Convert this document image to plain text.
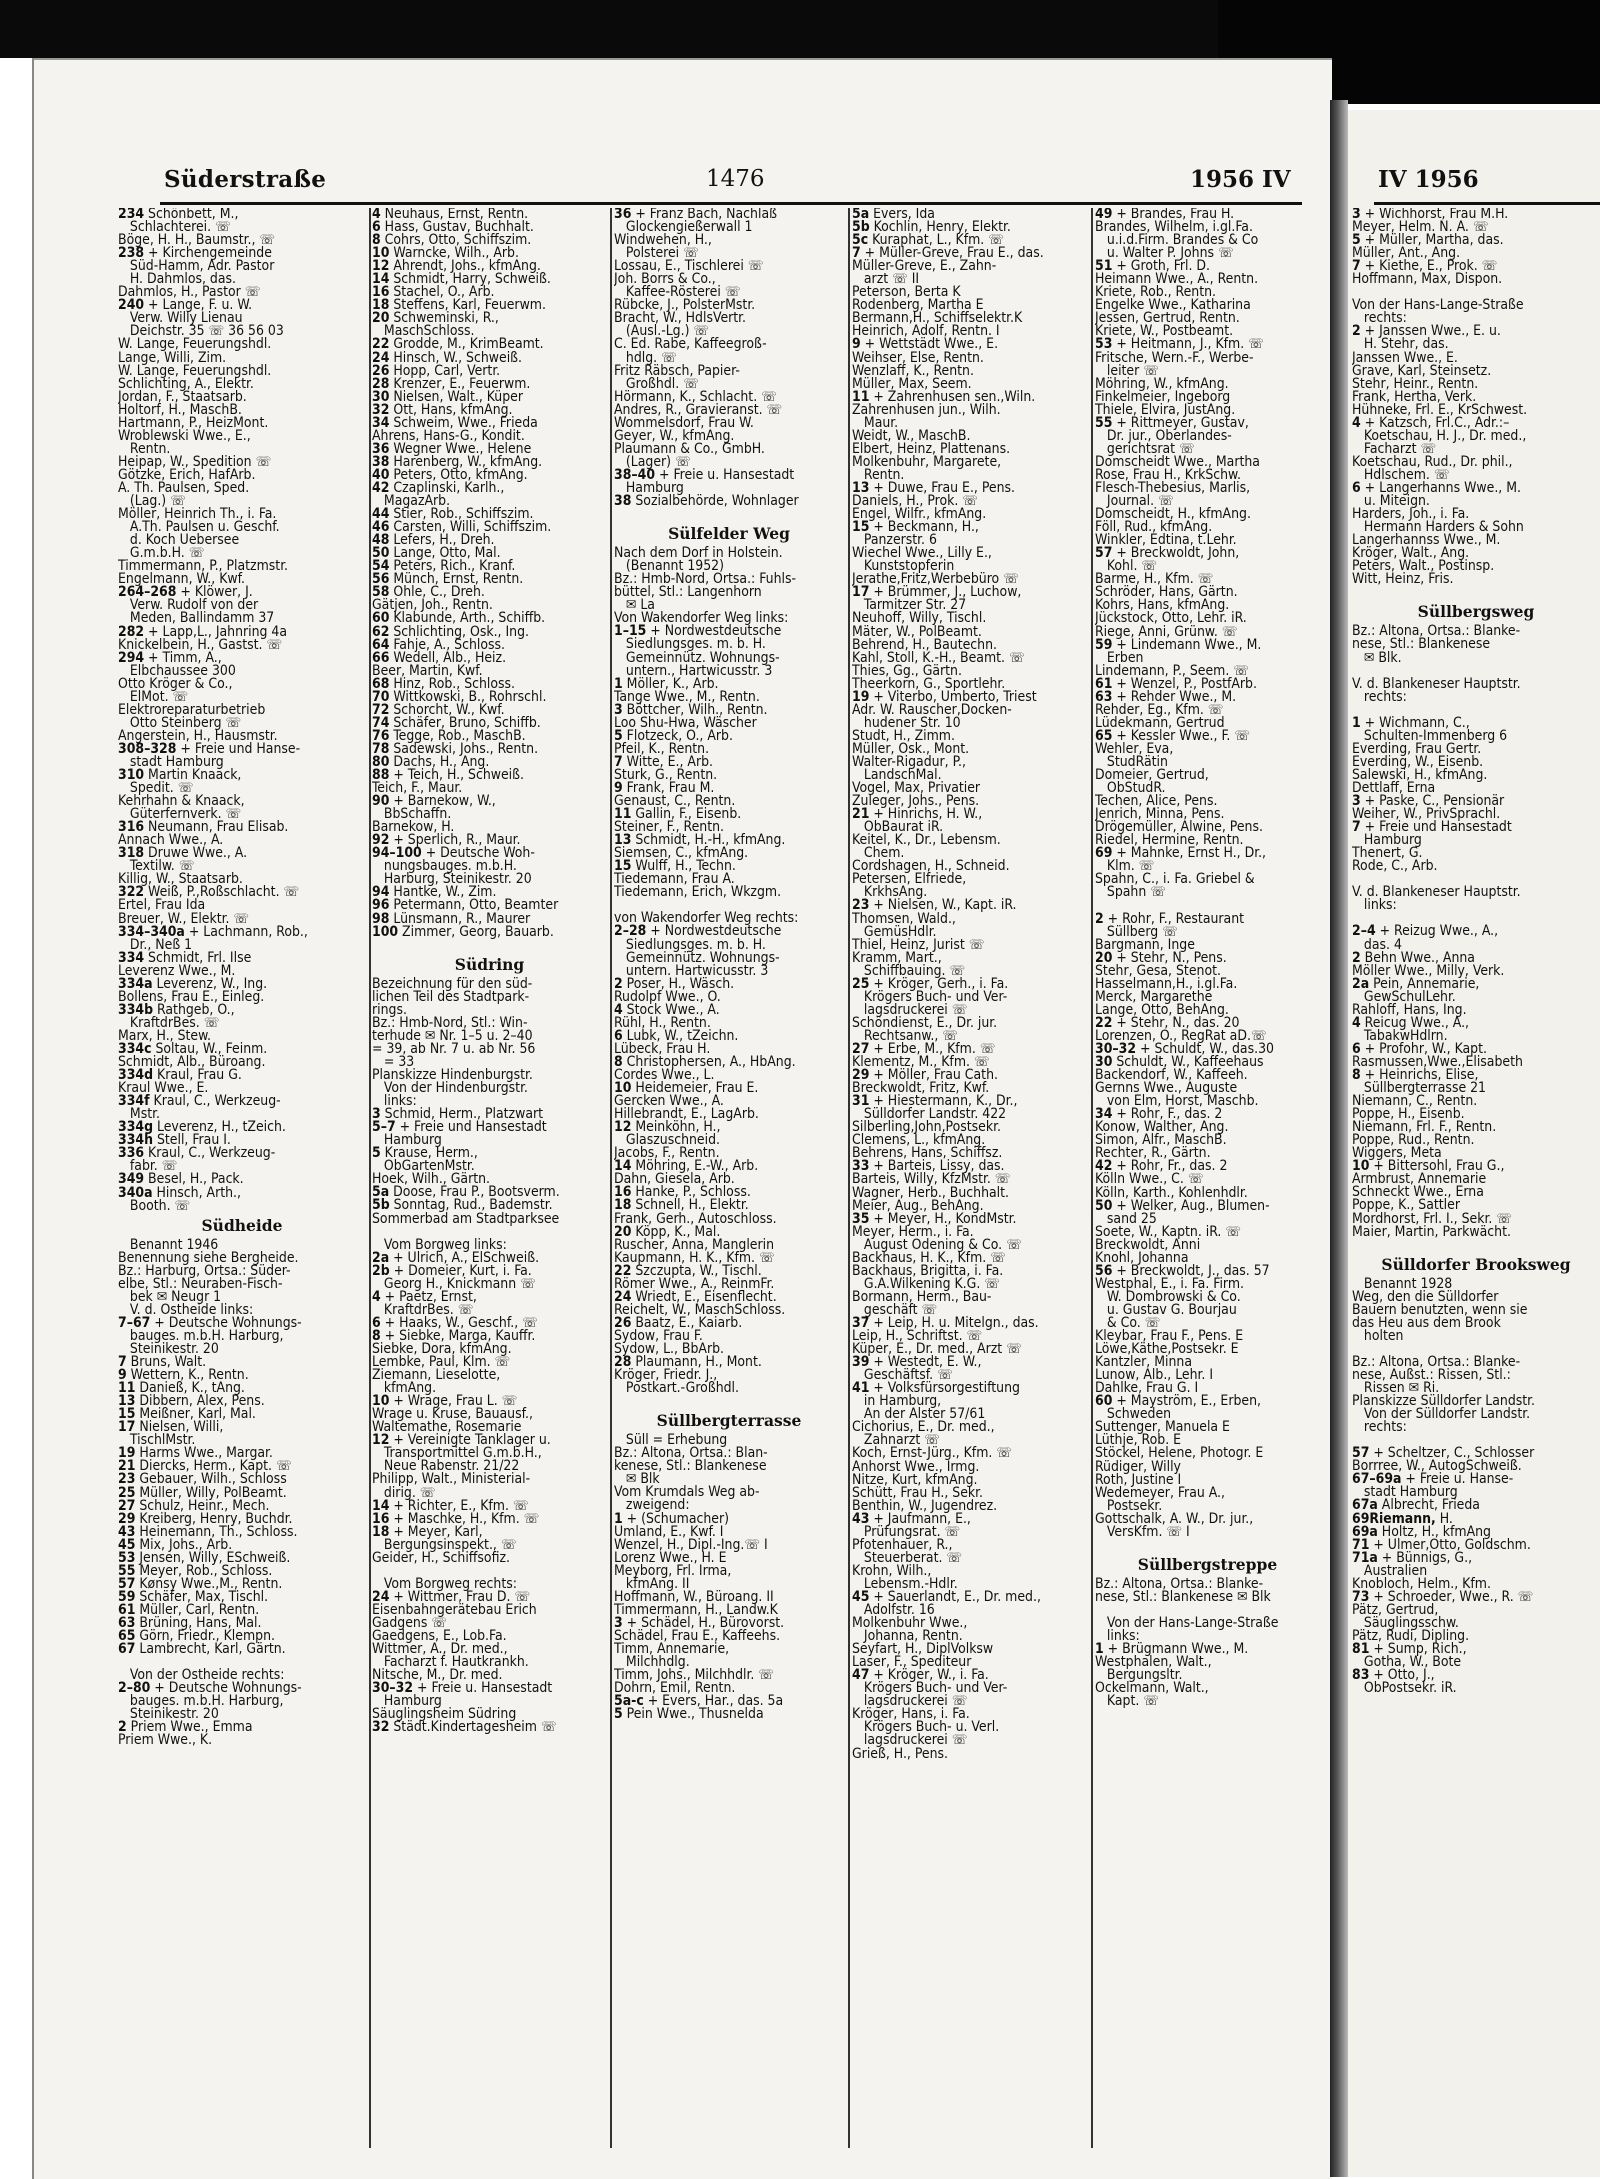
Süderstraße	1476	1956 IV	IV 1956
234 Schönbett, M.,
Schlachterei. ☏
Böge, H. H., Baumstr., ☏
238 + Kirchengemeinde
Süd-Hamm, Adr. Pastor
H. Dahmlos, das.
Dahmlos, H., Pastor ☏
240 + Lange, F. u. W.
Verw. Willy Lienau
Deichstr. 35 ☏ 36 56 03
W. Lange, Feuerungshdl.
Lange, Willi, Zim.
W. Lange, Feuerungshdl.
Schlichting, A., Elektr.
Jordan, F., Staatsarb.
Holtorf, H., MaschB.
Hartmann, P., HeizMont.
Wroblewski Wwe., E.,
Rentn.
Heipap, W., Spedition ☏
Götzke, Erich, HafArb.
A. Th. Paulsen, Sped.
(Lag.) ☏
Möller, Heinrich Th., i. Fa.
A.Th. Paulsen u. Geschf.
d. Koch Uebersee
G.m.b.H. ☏
Timmermann, P., Platzmstr.
Engelmann, W., Kwf.
264–268 + Klöwer, J.
Verw. Rudolf von der
Meden, Ballindamm 37
282 + Lapp,L., Jahnring 4a
Knickelbein, H., Gastst. ☏
294 + Timm, A.,
Elbchaussee 300
Otto Kröger & Co.,
ElMot. ☏
Elektroreparaturbetrieb
Otto Steinberg ☏
Angerstein, H., Hausmstr.
308–328 + Freie und Hanse-
stadt Hamburg
310 Martin Knaack,
Spedit. ☏
Kehrhahn & Knaack,
Güterfernverk. ☏
316 Neumann, Frau Elisab.
Annach Wwe., A.
318 Druwe Wwe., A.
Textilw. ☏
Killig, W., Staatsarb.
322 Weiß, P.,Roßschlacht. ☏
Ertel, Frau Ida
Breuer, W., Elektr. ☏
334–340a + Lachmann, Rob.,
Dr., Neß 1
334 Schmidt, Frl. Ilse
Leverenz Wwe., M.
334a Leverenz, W., Ing.
Bollens, Frau E., Einleg.
334b Rathgeb, O.,
KraftdrBes. ☏
Marx, H., Stew.
334c Soltau, W., Feinm.
Schmidt, Alb., Büroang.
334d Kraul, Frau G.
Kraul Wwe., E.
334f Kraul, C., Werkzeug-
Mstr.
334g Leverenz, H., tZeich.
334h Stell, Frau I.
336 Kraul, C., Werkzeug-
fabr. ☏
349 Besel, H., Pack.
340a Hinsch, Arth.,
Booth. ☏
Südheide
Benannt 1946
Benennung siehe Bergheide.
Bz.: Harburg, Ortsa.: Süder-
elbe, Stl.: Neuraben-Fisch-
bek ✉ Neugr 1
V. d. Ostheide links:
7–67 + Deutsche Wohnungs-
bauges. m.b.H. Harburg,
Steinikestr. 20
7 Bruns, Walt.
9 Wettern, K., Rentn.
11 Danieß, K., tAng.
13 Dibbern, Alex, Pens.
15 Meißner, Karl, Mal.
17 Nielsen, Willi,
TischlMstr.
19 Harms Wwe., Margar.
21 Diercks, Herm., Kapt. ☏
23 Gebauer, Wilh., Schloss
25 Müller, Willy, PolBeamt.
27 Schulz, Heinr., Mech.
29 Kreiberg, Henry, Buchdr.
43 Heinemann, Th., Schloss.
45 Mix, Johs., Arb.
53 Jensen, Willy, ESchweiß.
55 Meyer, Rob., Schloss.
57 Kønsy Wwe.,M., Rentn.
59 Schäfer, Max, Tischl.
61 Müller, Carl, Rentn.
63 Brüning, Hans, Mal.
65 Görn, Friedr., Klempn.
67 Lambrecht, Karl, Gärtn.

Von der Ostheide rechts:
2–80 + Deutsche Wohnungs-
bauges. m.b.H. Harburg,
Steinikestr. 20
2 Priem Wwe., Emma
Priem Wwe., K.
4 Neuhaus, Ernst, Rentn.
6 Hass, Gustav, Buchhalt.
8 Cohrs, Otto, Schiffszim.
10 Warncke, Wilh., Arb.
12 Ahrendt, Johs., kfmAng.
14 Schmidt, Harry, Schweiß.
16 Stachel, O., Arb.
18 Steffens, Karl, Feuerwm.
20 Schweminski, R.,
MaschSchloss.
22 Grodde, M., KrimBeamt.
24 Hinsch, W., Schweiß.
26 Hopp, Carl, Vertr.
28 Krenzer, E., Feuerwm.
30 Nielsen, Walt., Küper
32 Ott, Hans, kfmAng.
34 Schweim, Wwe., Frieda
Ahrens, Hans-G., Kondit.
36 Wegner Wwe., Helene
38 Harenberg, W., kfmAng.
40 Peters, Otto, kfmAng.
42 Czaplinski, Karlh.,
MagazArb.
44 Stier, Rob., Schiffszim.
46 Carsten, Willi, Schiffszim.
48 Lefers, H., Dreh.
50 Lange, Otto, Mal.
54 Peters, Rich., Kranf.
56 Münch, Ernst, Rentn.
58 Ohle, C., Dreh.
Gätjen, Joh., Rentn.
60 Klabunde, Arth., Schiffb.
62 Schlichting, Osk., Ing.
64 Fahje, A., Schloss.
66 Wedell, Alb., Heiz.
Beer, Martin, Kwf.
68 Hinz, Rob., Schloss.
70 Wittkowski, B., Rohrschl.
72 Schorcht, W., Kwf.
74 Schäfer, Bruno, Schiffb.
76 Tegge, Rob., MaschB.
78 Sadewski, Johs., Rentn.
80 Dachs, H., Ang.
88 + Teich, H., Schweiß.
Teich, F., Maur.
90 + Barnekow, W.,
BbSchaffn.
Barnekow, H.
92 + Sperlich, R., Maur.
94–100 + Deutsche Woh-
nungsbauges. m.b.H.
Harburg, Steinikestr. 20
94 Hantke, W., Zim.
96 Petermann, Otto, Beamter
98 Lünsmann, R., Maurer
100 Zimmer, Georg, Bauarb.

Südring
Bezeichnung für den süd-
lichen Teil des Stadtpark-
rings.
Bz.: Hmb-Nord, Stl.: Win-
terhude ✉ Nr. 1–5 u. 2–40
= 39, ab Nr. 7 u. ab Nr. 56
= 33
Planskizze Hindenburgstr.
Von der Hindenburgstr.
links:
3 Schmid, Herm., Platzwart
5–7 + Freie und Hansestadt
Hamburg
5 Krause, Herm.,
ObGartenMstr.
Hoek, Wilh., Gärtn.
5a Doose, Frau P., Bootsverm.
5b Sonntag, Rud., Bademstr.
Sommerbad am Stadtparksee

Vom Borgweg links:
2a + Ulrich, A., ElSchweiß.
2b + Domeier, Kurt, i. Fa.
Georg H., Knickmann ☏
4 + Paetz, Ernst,
KraftdrBes. ☏
6 + Haaks, W., Geschf., ☏
8 + Siebke, Marga, Kauffr.
Siebke, Dora, kfmAng.
Lembke, Paul, Klm. ☏
Ziemann, Lieselotte,
kfmAng.
10 + Wrage, Frau L. ☏
Wrage u. Kruse, Bauausf.,
Waltemathe, Rosemarie
12 + Vereinigte Tanklager u.
Transportmittel G.m.b.H.,
Neue Rabenstr. 21/22
Philipp, Walt., Ministerial-
dirig. ☏
14 + Richter, E., Kfm. ☏
16 + Maschke, H., Kfm. ☏
18 + Meyer, Karl,
Bergungsinspekt., ☏
Geider, H., Schiffsofiz.

Vom Borgweg rechts:
24 + Wittmer, Frau D. ☏
Eisenbahngerätebau Erich
Gadgens ☏
Gaedgens, E., Lob.Fa.
Wittmer, A., Dr. med.,
Facharzt f. Hautkrankh.
Nitsche, M., Dr. med.
30–32 + Freie u. Hansestadt
Hamburg
Säuglingsheim Südring
32 Städt.Kindertagesheim ☏
36 + Franz Bach, Nachlaß
Glockengießerwall 1
Windwehen, H.,
Polsterei ☏
Lossau, E., Tischlerei ☏
Joh. Borrs & Co.,
Kaffee-Rösterei ☏
Rübcke, J., PolsterMstr.
Bracht, W., HdlsVertr.
(Ausl.-Lg.) ☏
C. Ed. Rabe, Kaffeegroß-
hdlg. ☏
Fritz Räbsch, Papier-
Großhdl. ☏
Hörmann, K., Schlacht. ☏
Andres, R., Gravieranst. ☏
Wommelsdorf, Frau W.
Geyer, W., kfmAng.
Plaumann & Co., GmbH.
(Lager) ☏
38–40 + Freie u. Hansestadt
Hamburg
38 Sozialbehörde, Wohnlager

Sülfelder Weg
Nach dem Dorf in Holstein.
(Benannt 1952)
Bz.: Hmb-Nord, Ortsa.: Fuhls-
büttel, Stl.: Langenhorn
✉ La
Von Wakendorfer Weg links:
1–15 + Nordwestdeutsche
Siedlungsges. m. b. H.
Gemeinnütz. Wohnungs-
untern., Hartwicusstr. 3
1 Möller, K., Arb.
Tange Wwe., M., Rentn.
3 Böttcher, Wilh., Rentn.
Loo Shu-Hwa, Wäscher
5 Flotzeck, O., Arb.
Pfeil, K., Rentn.
7 Witte, E., Arb.
Sturk, G., Rentn.
9 Frank, Frau M.
Genaust, C., Rentn.
11 Gallin, F., Eisenb.
Steiner, F., Rentn.
13 Schmidt, H.-H., kfmAng.
Siemsen, C., kfmAng.
15 Wulff, H., Techn.
Tiedemann, Frau A.
Tiedemann, Erich, Wkzgm.

von Wakendorfer Weg rechts:
2–28 + Nordwestdeutsche
Siedlungsges. m. b. H.
Gemeinnütz. Wohnungs-
untern. Hartwicusstr. 3
2 Poser, H., Wäsch.
Rudolpf Wwe., O.
4 Stock Wwe., A.
Rühl, H., Rentn.
6 Lubk, W., tZeichn.
Lübeck, Frau H.
8 Christophersen, A., HbAng.
Cordes Wwe., L.
10 Heidemeier, Frau E.
Gercken Wwe., A.
Hillebrandt, E., LagArb.
12 Meinköhn, H.,
Glaszuschneid.
Jacobs, F., Rentn.
14 Möhring, E.-W., Arb.
Dahn, Giesela, Arb.
16 Hanke, P., Schloss.
18 Schnell, H., Elektr.
Frank, Gerh., Autoschloss.
20 Köpp, K., Mal.
Ruscher, Anna, Manglerin
Kaupmann, H. K., Kfm. ☏
22 Szczupta, W., Tischl.
Römer Wwe., A., ReinmFr.
24 Wriedt, E., Eisenflecht.
Reichelt, W., MaschSchloss.
26 Baatz, E., Kaiarb.
Sydow, Frau F.
Sydow, L., BbArb.
28 Plaumann, H., Mont.
Kröger, Friedr. J.,
Postkart.-Großhdl.

Süllbergterrasse
Süll = Erhebung
Bz.: Altona, Ortsa.: Blan-
kenese, Stl.: Blankenese
✉ Blk
Vom Krumdals Weg ab-
zweigend:
1 + (Schumacher)
Umland, E., Kwf. I
Wenzel, H., Dipl.-Ing.☏ I
Lorenz Wwe., H. E
Meyborg, Frl. Irma,
kfmAng. II
Hoffmann, W., Büroang. II
Timmermann, H., Landw.K
3 + Schädel, H., Bürovorst.
Schädel, Frau E., Kaffeehs.
Timm, Annemarie,
Milchhdlg.
Timm, Johs., Milchhdlr. ☏
Dohrn, Emil, Rentn.
5a-c + Evers, Har., das. 5a
5 Pein Wwe., Thusnelda
5a Evers, Ida
5b Kochlin, Henry, Elektr.
5c Kuraphat, L., Kfm. ☏
7 + Müller-Greve, Frau E., das.
Müller-Greve, E., Zahn-
arzt ☏ II
Peterson, Berta K
Rodenberg, Martha E
Bermann,H., Schiffselektr.K
Heinrich, Adolf, Rentn. I
9 + Wettstädt Wwe., E.
Weihser, Else, Rentn.
Wenzlaff, K., Rentn.
Müller, Max, Seem.
11 + Zahrenhusen sen.,Wiln.
Zahrenhusen jun., Wilh.
Maur.
Weidt, W., MaschB.
Elbert, Heinz, Plattenans.
Molkenbuhr, Margarete,
Rentn.
13 + Duwe, Frau E., Pens.
Daniels, H., Prok. ☏
Engel, Wilfr., kfmAng.
15 + Beckmann, H.,
Panzerstr. 6
Wiechel Wwe., Lilly E.,
Kunststopferin
Jerathe,Fritz,Werbebüro ☏
17 + Brümmer, J., Luchow,
Tarmitzer Str. 27
Neuhoff, Willy, Tischl.
Mäter, W., PolBeamt.
Behrend, H., Bautechn.
Kahl, Stoll, K.-H., Beamt. ☏
Thies, Gg., Gärtn.
Theerkorn, G., Sportlehr.
19 + Viterbo, Umberto, Triest
Adr. W. Rauscher,Docken-
hudener Str. 10
Studt, H., Zimm.
Müller, Osk., Mont.
Walter-Rigadur, P.,
LandschMal.
Vogel, Max, Privatier
Zuleger, Johs., Pens.
21 + Hinrichs, H. W.,
ObBaurat iR.
Keitel, K., Dr., Lebensm.
Chem.
Cordshagen, H., Schneid.
Petersen, Elfriede,
KrkhsAng.
23 + Nielsen, W., Kapt. iR.
Thomsen, Wald.,
GemüsHdlr.
Thiel, Heinz, Jurist ☏
Kramm, Mart.,
Schiffbauing. ☏
25 + Kröger, Gerh., i. Fa.
Krögers Buch- und Ver-
lagsdruckerei ☏
Schöndienst, E., Dr. jur.
Rechtsanw., ☏
27 + Erbe, M., Kfm. ☏
Klementz, M., Kfm. ☏
29 + Möller, Frau Cath.
Breckwoldt, Fritz, Kwf.
31 + Hiestermann, K., Dr.,
Sülldorfer Landstr. 422
Silberling,John,Postsekr.
Clemens, L., kfmAng.
Behrens, Hans, Schiffsz.
33 + Barteis, Lissy, das.
Barteis, Willy, KfzMstr. ☏
Wagner, Herb., Buchhalt.
Meier, Aug., BehAng.
35 + Meyer, H., KondMstr.
Meyer, Herm., i. Fa.
August Odening & Co. ☏
Backhaus, H. K., Kfm. ☏
Backhaus, Brigitta, i. Fa.
G.A.Wilkening K.G. ☏
Bormann, Herm., Bau-
geschäft ☏
37 + Leip, H. u. Mitelgn., das.
Leip, H., Schriftst. ☏
Küper, E., Dr. med., Arzt ☏
39 + Westedt, E. W.,
Geschäftsf. ☏
41 + Volksfürsorgestiftung
in Hamburg,
An der Alster 57/61
Cichorius, E., Dr. med.,
Zahnarzt ☏
Koch, Ernst-Jürg., Kfm. ☏
Anhorst Wwe., Irmg.
Nitze, Kurt, kfmAng.
Schütt, Frau H., Sekr.
Benthin, W., Jugendrez.
43 + Jaufmann, E.,
Prüfungsrat. ☏
Pfotenhauer, R.,
Steuerberat. ☏
Krohn, Wilh.,
Lebensm.-Hdlr.
45 + Sauerlandt, E., Dr. med.,
Adolfstr. 16
Molkenbuhr Wwe.,
Johanna, Rentn.
Seyfart, H., DiplVolksw
Laser, F., Spediteur
47 + Kröger, W., i. Fa.
Krögers Buch- und Ver-
lagsdruckerei ☏
Kröger, Hans, i. Fa.
Krögers Buch- u. Verl.
lagsdruckerei ☏
Grieß, H., Pens.
49 + Brandes, Frau H.
Brandes, Wilhelm, i.gl.Fa.
u.i.d.Firm. Brandes & Co
u. Walter P. Johns ☏
51 + Groth, Frl. D.
Heimann Wwe., A., Rentn.
Kriete, Rob., Rentn.
Engelke Wwe., Katharina
Jessen, Gertrud, Rentn.
Kriete, W., Postbeamt.
53 + Heitmann, J., Kfm. ☏
Fritsche, Wern.-F., Werbe-
leiter ☏
Möhring, W., kfmAng.
Finkelmeier, Ingeborg
Thiele, Elvira, JustAng.
55 + Rittmeyer, Gustav,
Dr. jur., Oberlandes-
gerichtsrat ☏
Domscheidt Wwe., Martha
Rose, Frau H., KrkSchw.
Flesch-Thebesius, Marlis,
Journal. ☏
Domscheidt, H., kfmAng.
Föll, Rud., kfmAng.
Winkler, Edtina, t.Lehr.
57 + Breckwoldt, John,
Kohl. ☏
Barme, H., Kfm. ☏
Schröder, Hans, Gärtn.
Kohrs, Hans, kfmAng.
Jückstock, Otto, Lehr. iR.
Riege, Anni, Grünw. ☏
59 + Lindemann Wwe., M.
Erben
Lindemann, P., Seem. ☏
61 + Wenzel, P., PostfArb.
63 + Rehder Wwe., M.
Rehder, Eg., Kfm. ☏
Lüdekmann, Gertrud
65 + Kessler Wwe., F. ☏
Wehler, Eva,
StudRätin
Domeier, Gertrud,
ObStudR.
Techen, Alice, Pens.
Jenrich, Minna, Pens.
Drögemüller, Alwine, Pens.
Riedel, Hermine, Rentn.
69 + Mahnke, Ernst H., Dr.,
Klm. ☏
Spahn, C., i. Fa. Griebel &
Spahn ☏

2 + Rohr, F., Restaurant
Süllberg ☏
Bargmann, Inge
20 + Stehr, N., Pens.
Stehr, Gesa, Stenot.
Hasselmann,H., i.gl.Fa.
Merck, Margarethe
Lange, Otto, BehAng.
22 + Stehr, N., das. 20
Lorenzen, O., RegRat aD.☏
30–32 + Schuldt, W., das.30
30 Schuldt, W., Kaffeehaus
Backendorf, W., Kaffeeh.
Gernns Wwe., Auguste
von Elm, Horst, Maschb.
34 + Rohr, F., das. 2
Konow, Walther, Ang.
Simon, Alfr., MaschB.
Rechter, R., Gärtn.
42 + Rohr, Fr., das. 2
Kölln Wwe., C. ☏
Kölln, Karth., Kohlenhdlr.
50 + Welker, Aug., Blumen-
sand 25
Soete, W., Kaptn. iR. ☏
Breckwoldt, Anni
Knohl, Johanna
56 + Breckwoldt, J., das. 57
Westphal, E., i. Fa. Firm.
W. Dombrowski & Co.
u. Gustav G. Bourjau
& Co. ☏
Kleybar, Frau F., Pens. E
Löwe,Käthe,Postsekr. E
Kantzler, Minna
Lunow, Alb., Lehr. I
Dahlke, Frau G. I
60 + Mayström, E., Erben,
Schweden
Suttenger, Manuela E
Lüthje, Rob. E
Stöckel, Helene, Photogr. E
Rüdiger, Willy
Roth, Justine I
Wedemeyer, Frau A.,
Postsekr.
Gottschalk, A. W., Dr. jur.,
VersKfm. ☏ I

Süllbergstreppe
Bz.: Altona, Ortsa.: Blanke-
nese, Stl.: Blankenese ✉ Blk

Von der Hans-Lange-Straße
links:
1 + Brügmann Wwe., M.
Westphalen, Walt.,
Bergungsltr.
Ockelmann, Walt.,
Kapt. ☏
3 + Wichhorst, Frau M.H.
Meyer, Helm. N. A. ☏
5 + Müller, Martha, das.
Müller, Ant., Ang.
7 + Kiethe, E., Prok. ☏
Hoffmann, Max, Dispon.

Von der Hans-Lange-Straße
rechts:
2 + Janssen Wwe., E. u.
H. Stehr, das.
Janssen Wwe., E.
Grave, Karl, Steinsetz.
Stehr, Heinr., Rentn.
Frank, Hertha, Verk.
Hühneke, Frl. E., KrSchwest.
4 + Katzsch, Frl.C., Adr.:–
Koetschau, H. J., Dr. med.,
Facharzt ☏
Koetschau, Rud., Dr. phil.,
Hdlschem. ☏
6 + Langerhanns Wwe., M.
u. Miteign.
Harders, Joh., i. Fa.
Hermann Harders & Sohn
Langerhannss Wwe., M.
Kröger, Walt., Ang.
Peters, Walt., Postinsp.
Witt, Heinz, Fris.

Süllbergsweg
Bz.: Altona, Ortsa.: Blanke-
nese, Stl.: Blankenese
✉ Blk.

V. d. Blankeneser Hauptstr.
rechts:

1 + Wichmann, C.,
Schulten-Immenberg 6
Everding, Frau Gertr.
Everding, W., Eisenb.
Salewski, H., kfmAng.
Dettlaff, Erna
3 + Paske, C., Pensionär
Weiher, W., PrivSprachl.
7 + Freie und Hansestadt
Hamburg
Thenert, G.
Rode, C., Arb.

V. d. Blankeneser Hauptstr.
links:

2–4 + Reizug Wwe., A.,
das. 4
2 Behn Wwe., Anna
Möller Wwe., Milly, Verk.
2a Pein, Annemarie,
GewSchulLehr.
Rahloff, Hans, Ing.
4 Reicug Wwe., A.,
TabakwHdlrn.
6 + Profohr, W., Kapt.
Rasmussen,Wwe.,Elisabeth
8 + Heinrichs, Elise,
Süllbergterrasse 21
Niemann, C., Rentn.
Poppe, H., Eisenb.
Niemann, Frl. F., Rentn.
Poppe, Rud., Rentn.
Wiggers, Meta
10 + Bittersohl, Frau G.,
Armbrust, Annemarie
Schneckt Wwe., Erna
Poppe, K., Sattler
Mordhorst, Frl. I., Sekr. ☏
Maier, Martin, Parkwächt.

Sülldorfer Brooksweg
Benannt 1928
Weg, den die Sülldorfer
Bauern benutzten, wenn sie
das Heu aus dem Brook
holten

Bz.: Altona, Ortsa.: Blanke-
nese, Außst.: Rissen, Stl.:
Rissen ✉ Ri.
Planskizze Sülldorfer Landstr.
Von der Sülldorfer Landstr.
rechts:

57 + Scheltzer, C., Schlosser
Borrree, W., AutogSchweiß.
67–69a + Freie u. Hanse-
stadt Hamburg
67a Albrecht, Frieda
69Riemann, H.
69a Holtz, H., kfmAng
71 + Ulmer,Otto, Goldschm.
71a + Bünnigs, G.,
Australien
Knobloch, Helm., Kfm.
73 + Schroeder, Wwe., R. ☏
Pätz, Gertrud,
Säuglingsschw.
Pätz, Rudi, Dipling.
81 + Sump, Rich.,
Gotha, W., Bote
83 + Otto, J.,
ObPostsekr. iR.
